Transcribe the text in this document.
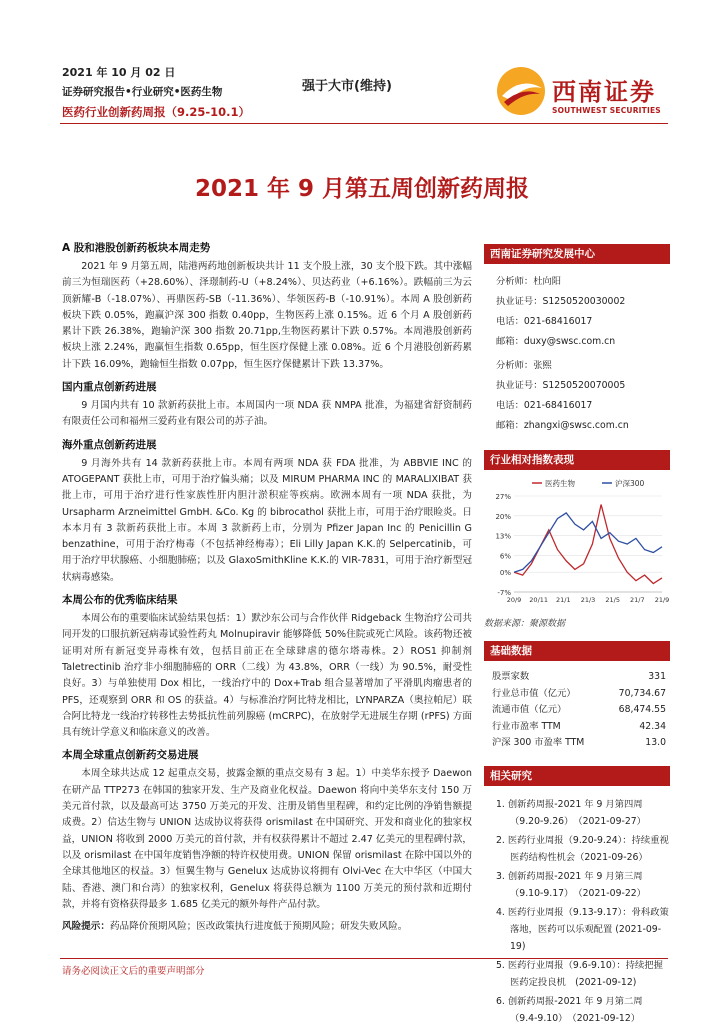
2021 年 10 月 02 日
证券研究报告•行业研究•医药生物
医药行业创新药周报（9.25-10.1）
强于大市(维持)	西南证券
SOUTHWEST SECURITIES
2021 年 9 月第五周创新药周报
A 股和港股创新药板块本周走势

2021 年 9 月第五周，陆港两药地创新板块共计 11 支个股上涨，30 支个股下跌。其中涨幅前三为恒瑞医药（+28.60%）、泽璟制药-U（+8.24%）、贝达药业（+6.16%）。跌幅前三为云顶新耀-B（-18.07%）、再鼎医药-SB（-11.36%）、华领医药-B（-10.91%）。本周 A 股创新药板块下跌 0.05%，跑赢沪深 300 指数 0.40pp，生物医药上涨 0.15%。近 6 个月 A 股创新药累计下跌 26.38%，跑输沪深 300 指数 20.71pp,生物医药累计下跌 0.57%。本周港股创新药板块上涨 2.24%，跑赢恒生指数 0.65pp，恒生医疗保健上涨 0.08%。近 6 个月港股创新药累计下跌 16.09%，跑输恒生指数 0.07pp，恒生医疗保健累计下跌 13.37%。

国内重点创新药进展

9 月国内共有 10 款新药获批上市。本周国内一项 NDA 获 NMPA 批准，为福建省舒资制药有限责任公司和福州三爱药业有限公司的苏子油。

海外重点创新药进展

9 月海外共有 14 款新药获批上市。本周有两项 NDA 获 FDA 批准，为 ABBVIE INC 的 ATOGEPANT 获批上市，可用于治疗偏头痛；以及 MIRUM PHARMA INC 的 MARALIXIBAT 获批上市，可用于治疗进行性家族性肝内胆汁淤积症等疾病。欧洲本周有一项 NDA 获批，为 Ursapharm Arzneimittel GmbH. &Co. Kg 的 bibrocathol 获批上市，可用于治疗眼睑炎。日本本月有 3 款新药获批上市。本周 3 款新药上市，分别为 Pfizer Japan Inc 的 Penicillin G benzathine，可用于治疗梅毒（不包括神经梅毒）；Eli Lilly Japan K.K.的 Selpercatinib，可用于治疗甲状腺癌、小细胞肺癌；以及 GlaxoSmithKline K.K.的 VIR-7831，可用于治疗新型冠状病毒感染。

本周公布的优秀临床结果

本周公布的重要临床试验结果包括：1）默沙东公司与合作伙伴 Ridgeback 生物治疗公司共同开发的口服抗新冠病毒试验性药丸 Molnupiravir 能够降低 50%住院或死亡风险。该药物还被证明对所有新冠变异毒株有效，包括目前正在全球肆虐的德尔塔毒株。2）ROS1 抑制剂 Taletrectinib 治疗非小细胞肺癌的 ORR（二线）为 43.8%，ORR（一线）为 90.5%，耐受性良好。3）与单独使用 Dox 相比，一线治疗中的 Dox+Trab 组合显著增加了平滑肌肉瘤患者的 PFS，还观察到 ORR 和 OS 的获益。4）与标准治疗阿比特龙相比，LYNPARZA（奥拉帕尼）联合阿比特龙一线治疗转移性去势抵抗性前列腺癌 (mCRPC)，在放射学无进展生存期 (rPFS) 方面具有统计学意义和临床意义的改善。

本周全球重点创新药交易进展

本周全球共达成 12 起重点交易，披露金额的重点交易有 3 起。1）中美华东授予 Daewon 在研产品 TTP273 在韩国的独家开发、生产及商业化权益。Daewon 将向中美华东支付 150 万美元首付款，以及最高可达 3750 万美元的开发、注册及销售里程碑，和约定比例的净销售额提成费。2）信达生物与 UNION 达成协议将获得 orismilast 在中国研究、开发和商业化的独家权益，UNION 将收到 2000 万美元的首付款，并有权获得累计不超过 2.47 亿美元的里程碑付款，以及 orismilast 在中国年度销售净额的特许权使用费。UNION 保留 orismilast 在除中国以外的全球其他地区的权益。3）恒翼生物与 Genelux 达成协议将拥有 Olvi-Vec 在大中华区（中国大陆、香港、澳门和台湾）的独家权利，Genelux 将获得总额为 1100 万美元的预付款和近期付款，并将有资格获得最多 1.685 亿美元的额外每件产品付款。

风险提示：药品降价预期风险；医改政策执行进度低于预期风险；研发失败风险。
西南证券研究发展中心
分析师：杜向阳
执业证号：S1250520030002
电话：021-68416017
邮箱：duxy@swsc.com.cn
分析师：张熙
执业证号：S1250520070005
电话：021-68416017
邮箱：zhangxi@swsc.com.cn
行业相对指数表现
-7%
0%
6%
13%
20%
27%
20/9 20/11 21/1 21/3 21/5 21/7 21/9
医药生物	沪深300
数据来源：聚源数据
基础数据
股票家数	331
行业总市值（亿元）	70,734.67
流通市值（亿元）	68,474.55
行业市盈率 TTM	42.34
沪深 300 市盈率 TTM	13.0
相关研究
1. 创新药周报-2021 年 9 月第四周
（9.20-9.26）　（2021-09-27）
2. 医药行业周报（9.20-9.24）：持续重视
医药结构性机会（2021-09-26）
3. 创新药周报-2021 年 9 月第三周
（9.10-9.17）　（2021-09-22）
4. 医药行业周报（9.13-9.17）：骨科政策
落地，医药可以乐观配置 (2021-09-19)
5. 医药行业周报（9.6-9.10）：持续把握
医药定投良机　(2021-09-12)
6. 创新药周报-2021 年 9 月第二周
（9.4-9.10）　（2021-09-12）
请务必阅读正文后的重要声明部分
